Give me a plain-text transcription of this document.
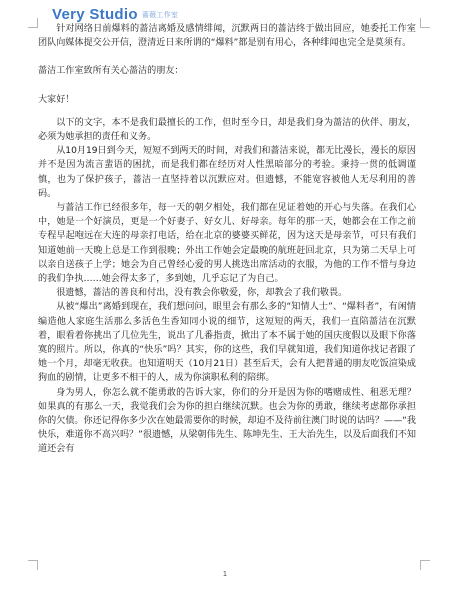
Very Studio 蔷薇工作室

针对网络日前爆料的蔷洁离婚及感情绯闻，沉默两日的蔷洁终于做出回应，她委托工作室团队向媒体提交公开信，澄清近日来所谓的“爆料”都是别有用心，各种绯闻也完全是莫须有。

蔷洁工作室致所有关心蔷洁的朋友：

大家好！

以下的文字，本不是我们最擅长的工作，但时至今日，却是我们身为蔷洁的伙伴、朋友，必须为她承担的责任和义务。

从10月19日到今天，短短不到两天的时间，对我们和蔷洁来说，都无比漫长，漫长的原因并不是因为流言蜚语的困扰，而是我们都在经历对人性黑暗部分的考验。秉持一贯的低调谨慎，也为了保护孩子，蔷洁一直坚持着以沉默应对。但遗憾，不能宽容被他人无尽利用的善码。

与蔷洁工作已经很多年，每一天的朝夕相处，我们都在见证着她的开心与失落。在我们心中，她是一个好演员，更是一个好妻子、好女儿、好母亲。每年的那一天，她都会在工作之前专程早起咆远在大连的母亲打电话，给在北京的婆婆买鲜花，因为这天是母亲节，可只有我们知道她前一天晚上总是工作到很晚；外出工作她会定最晚的航班赶回北京，只为第二天早上可以亲自送孩子上学；她会为自己曾经心爱的男人挑选出席活动的衣服，为他的工作不惜与身边的我们争执……她会得太多了，多到她，几乎忘记了为自己。

很遗憾，蔷洁的善良和付出，没有教会你敬爱，你，却教会了我们敬畏。

从被“爆出”离婚到现在，我们想问问，眼里会有那么多的“知情人士”、“爆料者”，有闲情编造他人家庭生活那么多活色生香知同小说的细节，这短短的两天，我们一直陪蔷洁在沉默着，眼看着你挑出了几位先生，说出了几番指责，掀出了本不属于她的国庆度假以及眼下你落寞的照片。所以，你真的“快乐”吗？其实，你的这些，我们早就知道，我们知道你找记者跟了她一个月，却毫无收获。也知道明天（10月21日）甚至后天，会有人把普通的朋友吃饭渲染成狗血的剧情，让更多不相干的人，成为你演职私利的陪绑。

身为男人，你怎么就不能勇敢的告诉大家，你们的分开是因为你的嗜赌成性、租恶无理？如果真的有那么一天，我觉我们会为你的担白继续沉默。也会为你的勇敢，继续考虑都你承担你的欠债。你还记得你多少次在她最需要你的时候，却迫不及待前往澳门时说的诂吗？——“我快乐，难道你不高兴吗？”很遗憾，从梁朝伟先生、陈坤先生、王大治先生，以及后面我们不知道还会有

1
